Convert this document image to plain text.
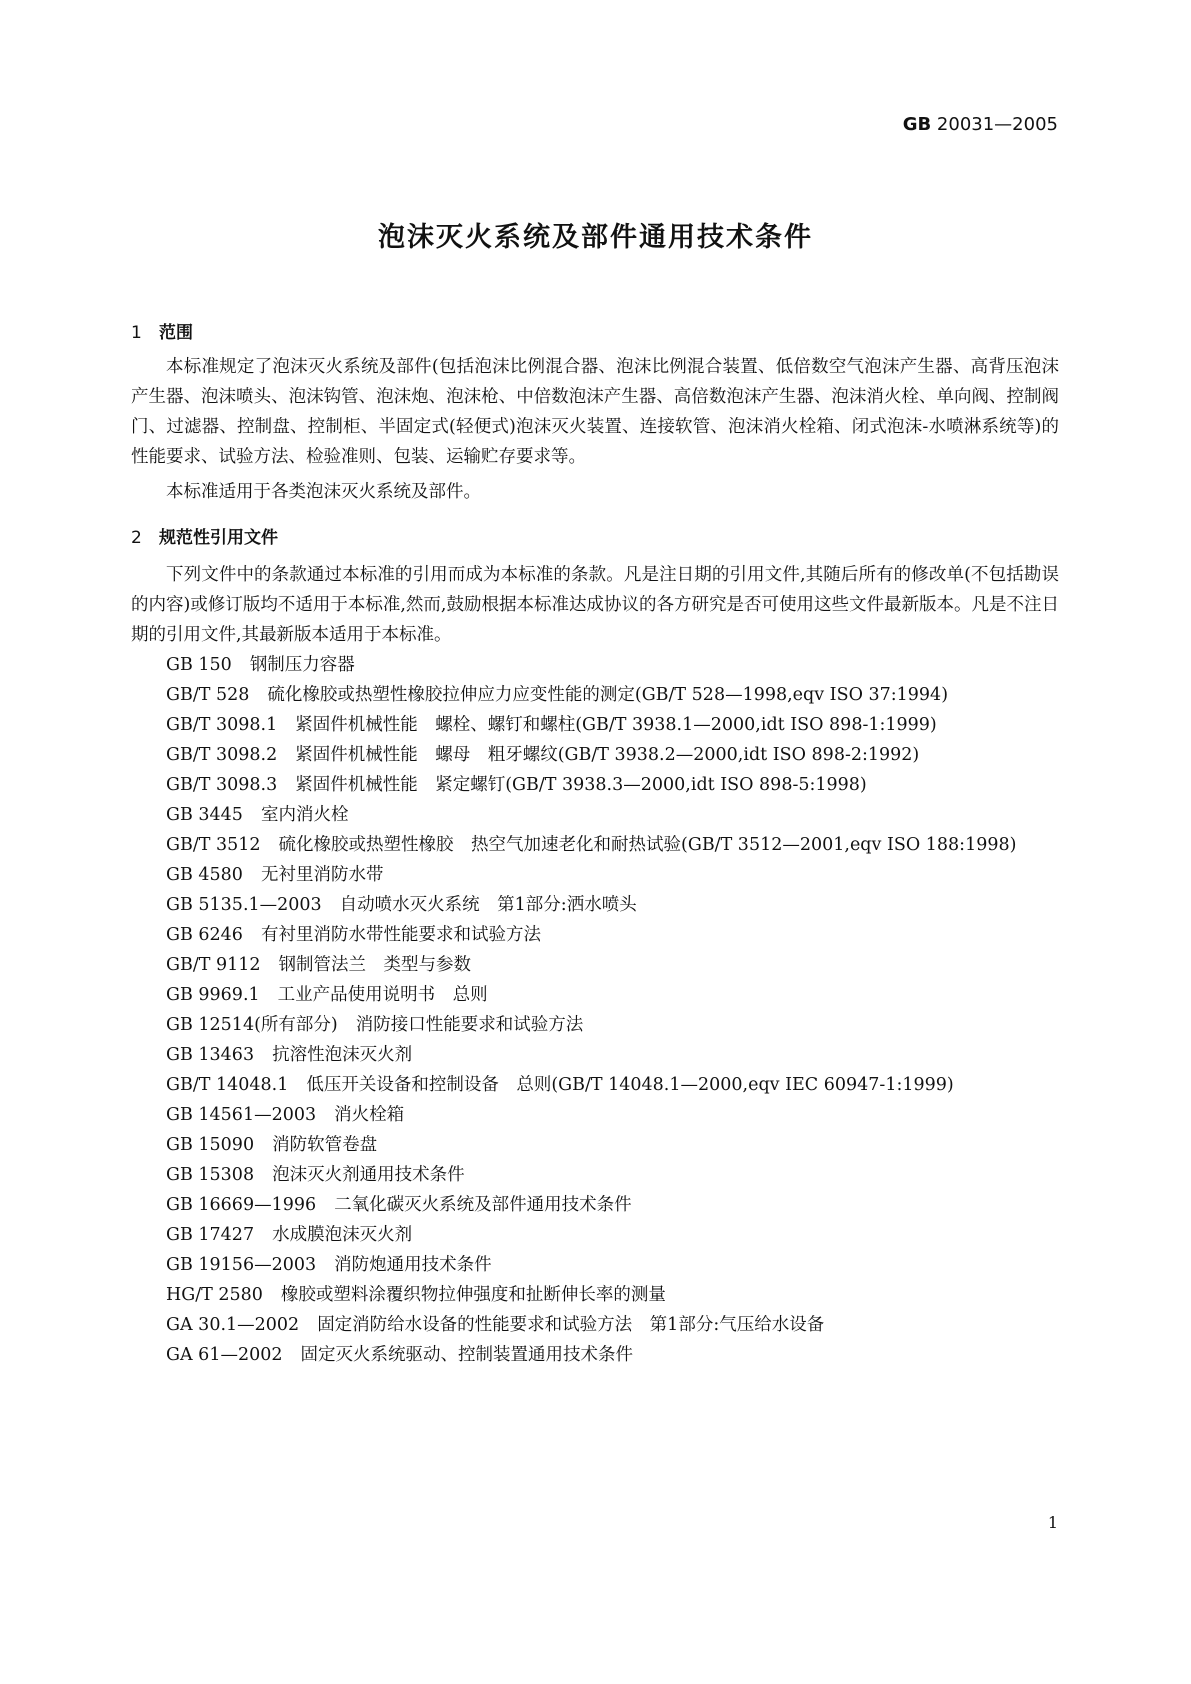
GB 20031—2005
泡沫灭火系统及部件通用技术条件
1 范围

本标准规定了泡沫灭火系统及部件(包括泡沫比例混合器、泡沫比例混合装置、低倍数空气泡沫产生器、高背压泡沫产生器、泡沫喷头、泡沫钩管、泡沫炮、泡沫枪、中倍数泡沫产生器、高倍数泡沫产生器、泡沫消火栓、单向阀、控制阀门、过滤器、控制盘、控制柜、半固定式(轻便式)泡沫灭火装置、连接软管、泡沫消火栓箱、闭式泡沫-水喷淋系统等)的性能要求、试验方法、检验准则、包装、运输贮存要求等。

本标准适用于各类泡沫灭火系统及部件。

2 规范性引用文件

下列文件中的条款通过本标准的引用而成为本标准的条款。凡是注日期的引用文件,其随后所有的修改单(不包括勘误的内容)或修订版均不适用于本标准,然而,鼓励根据本标准达成协议的各方研究是否可使用这些文件最新版本。凡是不注日期的引用文件,其最新版本适用于本标准。

GB 150 钢制压力容器

GB/T 528 硫化橡胶或热塑性橡胶拉伸应力应变性能的测定(GB/T 528—1998,eqv ISO 37:1994)

GB/T 3098.1 紧固件机械性能　螺栓、螺钉和螺柱(GB/T 3938.1—2000,idt ISO 898-1:1999)

GB/T 3098.2 紧固件机械性能　螺母　粗牙螺纹(GB/T 3938.2—2000,idt ISO 898-2:1992)

GB/T 3098.3 紧固件机械性能　紧定螺钉(GB/T 3938.3—2000,idt ISO 898-5:1998)

GB 3445 室内消火栓

GB/T 3512 硫化橡胶或热塑性橡胶　热空气加速老化和耐热试验(GB/T 3512—2001,eqv ISO 188:1998)

GB 4580 无衬里消防水带

GB 5135.1—2003 自动喷水灭火系统　第1部分:洒水喷头

GB 6246 有衬里消防水带性能要求和试验方法

GB/T 9112 钢制管法兰　类型与参数

GB 9969.1 工业产品使用说明书　总则

GB 12514(所有部分) 消防接口性能要求和试验方法

GB 13463 抗溶性泡沫灭火剂

GB/T 14048.1 低压开关设备和控制设备　总则(GB/T 14048.1—2000,eqv IEC 60947-1:1999)

GB 14561—2003 消火栓箱

GB 15090 消防软管卷盘

GB 15308 泡沫灭火剂通用技术条件

GB 16669—1996 二氧化碳灭火系统及部件通用技术条件

GB 17427 水成膜泡沫灭火剂

GB 19156—2003 消防炮通用技术条件

HG/T 2580 橡胶或塑料涂覆织物拉伸强度和扯断伸长率的测量

GA 30.1—2002 固定消防给水设备的性能要求和试验方法　第1部分:气压给水设备

GA 61—2002 固定灭火系统驱动、控制装置通用技术条件

1
